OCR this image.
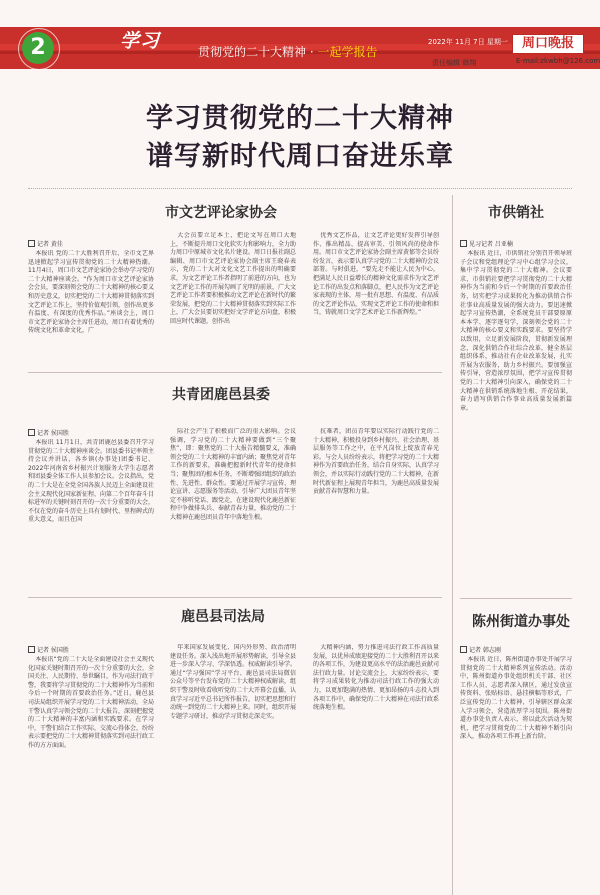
2	学习	贯彻党的二十大精神 · 一起学报告
2022年 11月 7日 星期一	周口晚报
责任编辑 韩翔	E-mail:zkwbh@126.com
学习贯彻党的二十大精神
谱写新时代周口奋进乐章
市文艺评论家协会
记者 黄佳

本报讯 党的二十大胜利召开后，全市文艺界迅速掀起学习宣传贯彻党的二十大精神热潮。11月4日，周口市文艺评论家协会举办学习党的二十大精神座谈会。“作为周口市文艺评论家协会会员，要深刻领会党的二十大精神的核心要义和历史意义，切实把党的二十大精神贯彻落实到文艺评论工作上，坚持价值观引领，创作出更多有温度、有深度的优秀作品。”座谈会上，周口市文艺评论家协会主席任进动，周口有着优秀的传统文化和革命文化，广

大会员要立足本土，把论文写在周口大地上，不断提升周口文化软实力和影响力，全力助力周口中原城市文化名片建设。周口日报社副总编辑、周口市文艺评论家协会副主席王晓春表示，党的二十大对文化文艺工作提出的明确要求，为文艺评论工作者指明了前进的方向，也为文艺评论工作的开展勾画了光明的前景，广大文艺评论工作者要积极推动文艺评论在新时代的繁荣发展，把党的二十大精神贯彻落实到实际工作上，广大会员要切实把好文学评论方向盘，积极回应时代课题，创作出

优秀文艺作品，让文艺评论更好发挥引导创作、推出精品、提高审美、引领风尚的使命作用。周口市文艺评论家协会副主席黄郁等会员纷纷发言，表示要认真学习党的二十大精神的会议部署。与时俱进，“要先走不能让人民为中心，把满足人民日益增长的精神文化需求作为文艺评论工作的出发点和落脚点，把人民作为文艺评论家表现的主体，用一批有思想、有温度、有品质的文艺评论作品，实现文艺评论工作的使命和担当，铸就周口文学艺术评论工作新辉煌。”

市供销社
见习记者 吕亚楠

本报讯 近日，市供销社分别召开领导班子会议和党组理论学习中心组学习会议，集中学习贯彻党的二十大精神。会议要求，市供销社要把学习贯彻党的二十大精神作为当前和今后一个时期的首要政治任务，切实把学习成果转化为推动供销合作社事业高质量发展的强大动力。要迅速掀起学习宣传热潮，全系统党员干部要原原本本学、逐字逐句学，深刻领会党的二十大精神的核心要义和实践要求。要坚持学以致用，立足新发展阶段，贯彻新发展理念，深化供销合作社综合改革，健全基层组织体系，推动社有企业改革发展，扎实开展为农服务，助力乡村振兴。要加强宣传引导，营造浓厚氛围，把学习宣传贯彻党的二十大精神引向深入，确保党的二十大精神在供销系统落地生根、开花结果，奋力谱写供销合作事业高质量发展新篇章。

共青团鹿邑县委
记者 侯国胜

本报讯 11月1日，共青团鹿邑县委召开学习贯彻党的二十大精神座谈会。团县委书记率领主持会议并讲话，各乡镇(办事处)团委书记、2022年河南省乡村振兴计划服务大学生志愿者和团县委全体工作人员参加会议。会议指出，党的二十大是在全党全国各族人民迈上全面建设社会主义现代化国家新征程、向第二个百年奋斗目标进军的关键时刻召开的一次十分重要的大会，不仅在党的奋斗历史上具有划时代、里程碑式的重大意义，而且在国

际社会产生了积极而广泛的重大影响。会议强调，学习党的二十大精神要做到“三个聚焦”，即：聚焦党的二十大报告精髓要义，准确领会党的二十大精神的丰富内涵；聚焦党对青年工作的新要求，准确把握新时代青年的使命担当；聚焦团的根本任务，不断增强团组织的政治性、先进性、群众性。要通过开展学习宣传、理论宣讲、志愿服务等活动，引导广大团员青年坚定不移听党话、跟党走，在建设现代化鹿邑新征程中争做排头兵、奉献青春力量，推动党的二十大精神在鹿邑团员青年中落地生根。

抗难者，团员青年要以实际行动践行党的二十大精神，积极投身到乡村振兴、社会治理、基层服务等工作之中，在平凡岗位上绽放青春光彩。与会人员纷纷表示，将把学习党的二十大精神作为首要政治任务，结合自身实际，认真学习领会，并以实际行动践行党的二十大精神，在新时代新征程上展现青年担当，为鹿邑高质量发展贡献青春智慧和力量。

鹿邑县司法局
记者 侯国胜

本报讯“党的二十大是全面建设社会主义现代化国家关键时期召开的一次十分重要的大会，全国关注、人民期待、举世瞩目，作为司法行政干警，我要将学习贯彻党的二十大精神作为当前和今后一个时期的首要政治任务。”近日，鹿邑县司法局组织开展学习党的二十大精神活动，全局干警认真学习领会党的二十大报告，深刻把握党的二十大精神的丰富内涵和实践要求。在学习中，干警们结合工作实际，交流心得体会，纷纷表示要把党的二十大精神贯彻落实到司法行政工作的方方面面。

年来国家发展变化、国内外形势、政治清明建设任务。深入浅出地开展形势解读，引导全县进一步深入学习、学深悟透。权威解读引导学。通过“学习强国”学习平台、鹿邑县司法局微信公众号等平台发布党的二十大精神权威解读，组织干警及时收看收听党的二十大开幕会直播，认真学习习近平总书记所作报告，切实把思想和行动统一到党的二十大精神上来。同时，组织开展专题学习研讨，推动学习贯彻走深走实。

大精神内涵，努力推进司法行政工作高质量发展，以优异成绩迎接党的二十大胜利召开以来的各项工作，为建设更高水平的法治鹿邑贡献司法行政力量。讨论交流会上，大家纷纷表示，要将学习成果转化为推动司法行政工作的强大动力，以更加饱满的热情、更加昂扬的斗志投入到各项工作中，确保党的二十大精神在司法行政系统落地生根。

陈州街道办事处
记者 韩志刚

本报讯 近日，陈州街道办事处开展学习贯彻党的二十大精神系列宣传活动。活动中，陈州街道办事处组织机关干部、社区工作人员、志愿者深入辖区，通过发放宣传资料、张贴标语、悬挂横幅等形式，广泛宣传党的二十大精神，引导辖区群众深入学习领会，营造浓厚学习氛围。陈州街道办事处负责人表示，将以此次活动为契机，把学习贯彻党的二十大精神不断引向深入，推动各项工作再上新台阶。
